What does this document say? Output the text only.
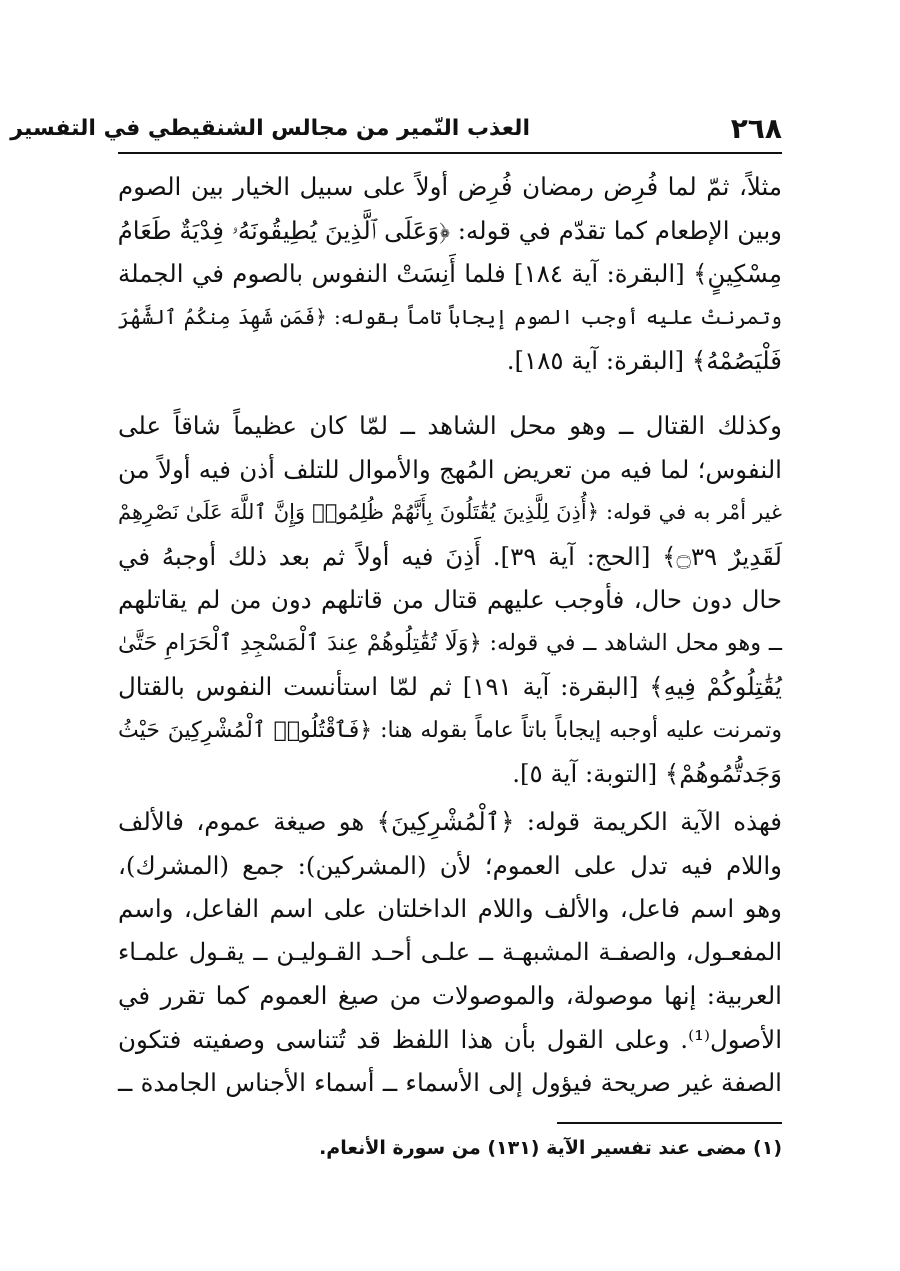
٢٦٨
العذب النّمير من مجالس الشنقيطي في التفسير
مثلاً، ثمّ لما فُرِض رمضان فُرِض أولاً على سبيل الخيار بين الصوم
وبين الإطعام كما تقدّم في قوله: ﴿وَعَلَى ٱلَّذِينَ يُطِيقُونَهُۥ فِدْيَةٌ طَعَامُ
مِسْكِينٍ﴾ [البقرة: آية ١٨٤] فلما أَنِسَتْ النفوس بالصوم في الجملة
وتمرنتْ عليه أوجب الصوم إيجاباً تاماً بقوله: ﴿فَمَن شَهِدَ مِنكُمُ ٱلشَّهْرَ
فَلْيَصُمْهُ﴾ [البقرة: آية ١٨٥].
وكذلك القتال ــ وهو محل الشاهد ــ لمّا كان عظيماً شاقاً على
النفوس؛ لما فيه من تعريض المُهج والأموال للتلف أذن فيه أولاً من
غير أمْر به في قوله: ﴿أُذِنَ لِلَّذِينَ يُقَٰتَلُونَ بِأَنَّهُمْ ظُلِمُوا۟ وَإِنَّ ٱللَّهَ عَلَىٰ نَصْرِهِمْ
لَقَدِيرٌ ۝٣٩﴾ [الحج: آية ٣٩]. أَذِنَ فيه أولاً ثم بعد ذلك أوجبهُ في
حال دون حال، فأوجب عليهم قتال من قاتلهم دون من لم يقاتلهم
ــ وهو محل الشاهد ــ في قوله: ﴿وَلَا تُقَٰتِلُوهُمْ عِندَ ٱلْمَسْجِدِ ٱلْحَرَامِ حَتَّىٰ
يُقَٰتِلُوكُمْ فِيهِ﴾ [البقرة: آية ١٩١] ثم لمّا استأنست النفوس بالقتال
وتمرنت عليه أوجبه إيجاباً باتاً عاماً بقوله هنا: ﴿فَٱقْتُلُوا۟ ٱلْمُشْرِكِينَ حَيْثُ
وَجَدتُّمُوهُمْ﴾ [التوبة: آية ٥].
فهذه الآية الكريمة قوله: ﴿ٱلْمُشْرِكِينَ﴾ هو صيغة عموم، فالألف
واللام فيه تدل على العموم؛ لأن (المشركين): جمع (المشرك)،
وهو اسم فاعل، والألف واللام الداخلتان على اسم الفاعل، واسم
المفعـول، والصفـة المشبهـة ــ علـى أحـد القـوليـن ــ يقـول علمـاء
العربية: إنها موصولة، والموصولات من صيغ العموم كما تقرر في
الأصول⁽¹⁾. وعلى القول بأن هذا اللفظ قد تُتناسى وصفيته فتكون
الصفة غير صريحة فيؤول إلى الأسماء ــ أسماء الأجناس الجامدة ــ
(١) مضى عند تفسير الآية (١٣١) من سورة الأنعام.
